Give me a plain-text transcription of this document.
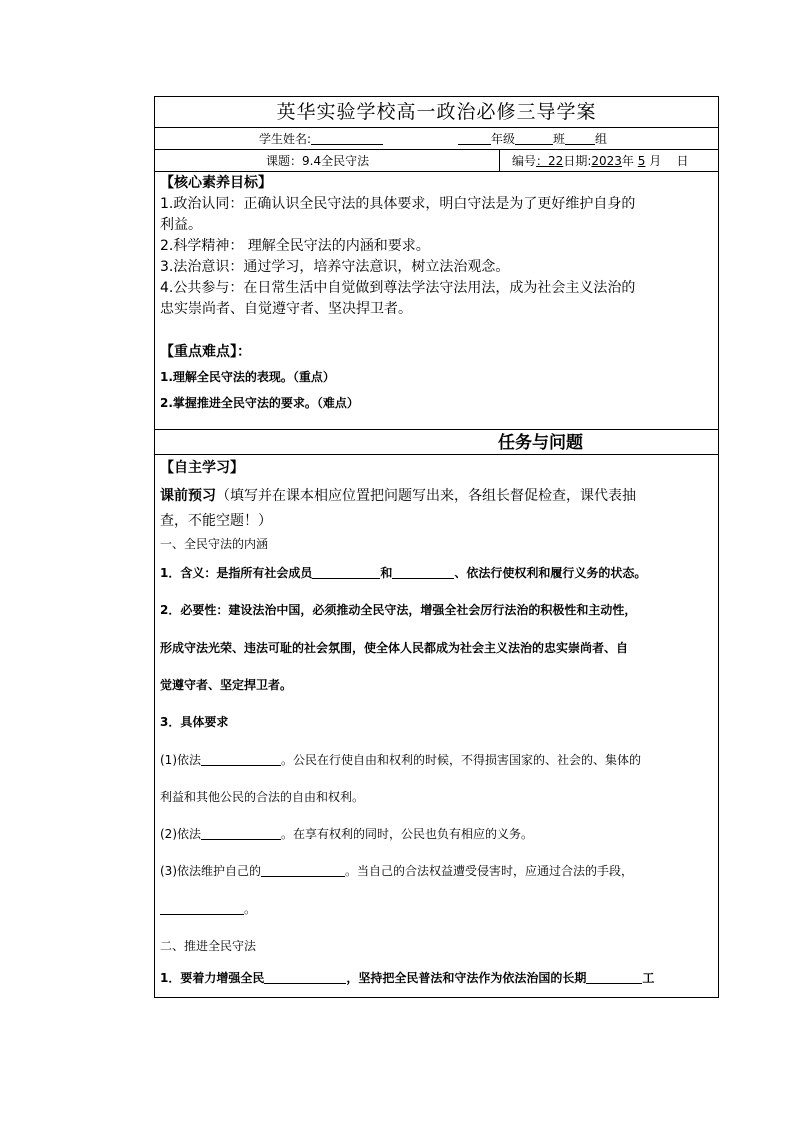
英华实验学校高一政治必修三导学案
学生姓名:	年级	班	组
课题：9.4全民守法	编号：22日期:2023年 5 月 日
【核心素养目标】
1.政治认同：正确认识全民守法的具体要求，明白守法是为了更好维护自身的
利益。
2.科学精神： 理解全民守法的内涵和要求。
3.法治意识：通过学习，培养守法意识，树立法治观念。
4.公共参与：在日常生活中自觉做到尊法学法守法用法，成为社会主义法治的
忠实崇尚者、自觉遵守者、坚决捍卫者。
【重点难点】：
1.理解全民守法的表现。（重点）
2.掌握推进全民守法的要求。（难点）
任务与问题
【自主学习】
课前预习（填写并在课本相应位置把问题写出来，各组长督促检查，课代表抽
查，不能空题！）
一、全民守法的内涵
1．含义：是指所有社会成员	和	、依法行使权利和履行义务的状态。
2．必要性：建设法治中国，必须推动全民守法，增强全社会厉行法治的积极性和主动性，
形成守法光荣、违法可耻的社会氛围，使全体人民都成为社会主义法治的忠实崇尚者、自
觉遵守者、坚定捍卫者。
3．具体要求
(1)依法	。公民在行使自由和权利的时候，不得损害国家的、社会的、集体的
利益和其他公民的合法的自由和权利。
(2)依法	。在享有权利的同时，公民也负有相应的义务。
(3)依法维护自己的	。当自己的合法权益遭受侵害时，应通过合法的手段，
。
二、推进全民守法
1．要着力增强全民	，坚持把全民普法和守法作为依法治国的长期	工
